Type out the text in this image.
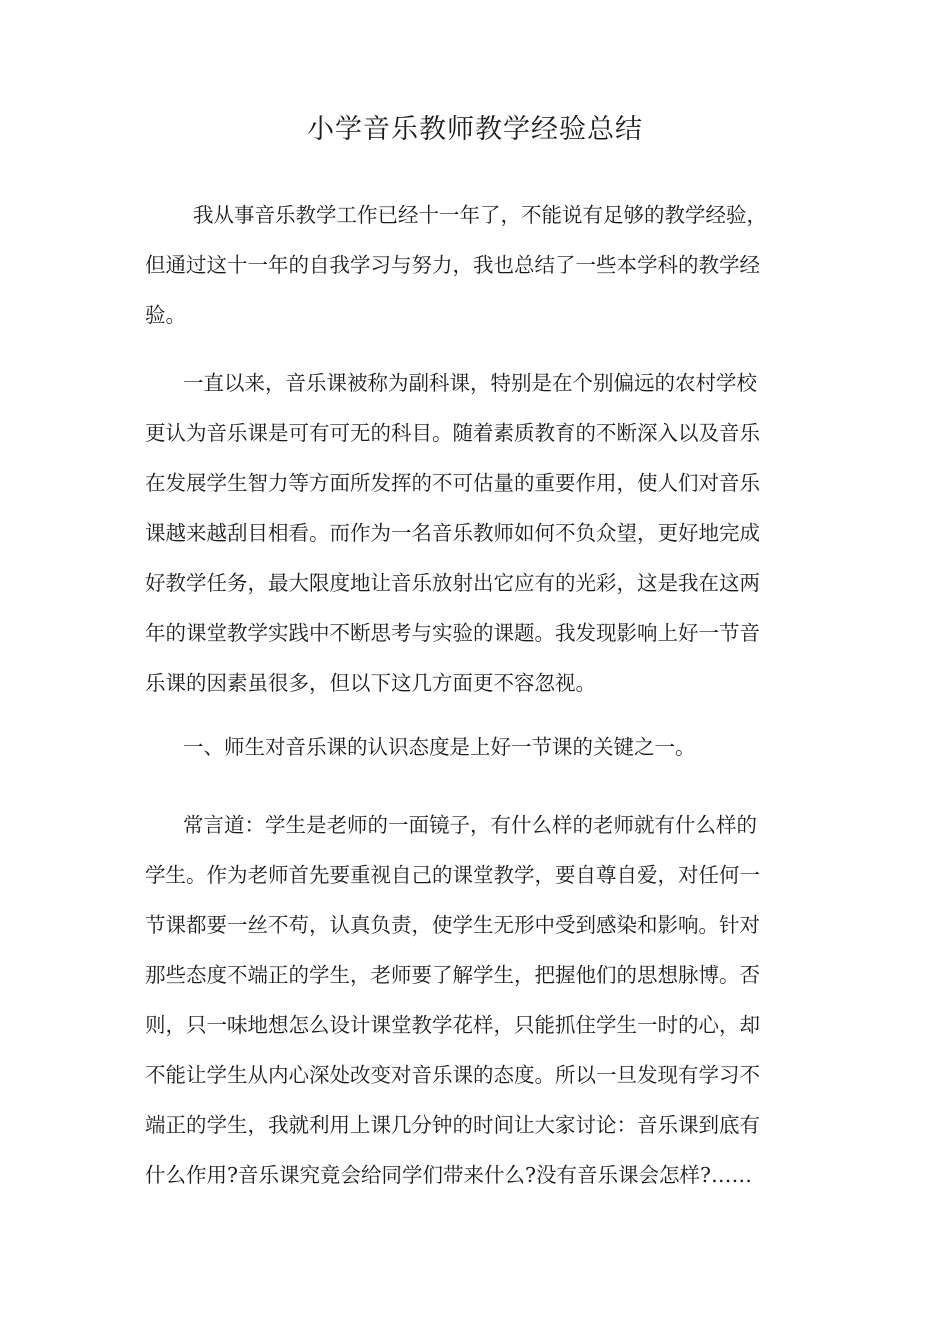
小学音乐教师教学经验总结

我从事音乐教学工作已经十一年了，不能说有足够的教学经验，
但通过这十一年的自我学习与努力，我也总结了一些本学科的教学经
验。

一直以来，音乐课被称为副科课，特别是在个别偏远的农村学校
更认为音乐课是可有可无的科目。随着素质教育的不断深入以及音乐
在发展学生智力等方面所发挥的不可估量的重要作用，使人们对音乐
课越来越刮目相看。而作为一名音乐教师如何不负众望，更好地完成
好教学任务，最大限度地让音乐放射出它应有的光彩，这是我在这两
年的课堂教学实践中不断思考与实验的课题。我发现影响上好一节音
乐课的因素虽很多，但以下这几方面更不容忽视。

一、师生对音乐课的认识态度是上好一节课的关键之一。

常言道：学生是老师的一面镜子，有什么样的老师就有什么样的
学生。作为老师首先要重视自己的课堂教学，要自尊自爱，对任何一
节课都要一丝不苟，认真负责，使学生无形中受到感染和影响。针对
那些态度不端正的学生，老师要了解学生，把握他们的思想脉博。否
则，只一味地想怎么设计课堂教学花样，只能抓住学生一时的心，却
不能让学生从内心深处改变对音乐课的态度。所以一旦发现有学习不
端正的学生，我就利用上课几分钟的时间让大家讨论：音乐课到底有
什么作用?音乐课究竟会给同学们带来什么?没有音乐课会怎样?……
